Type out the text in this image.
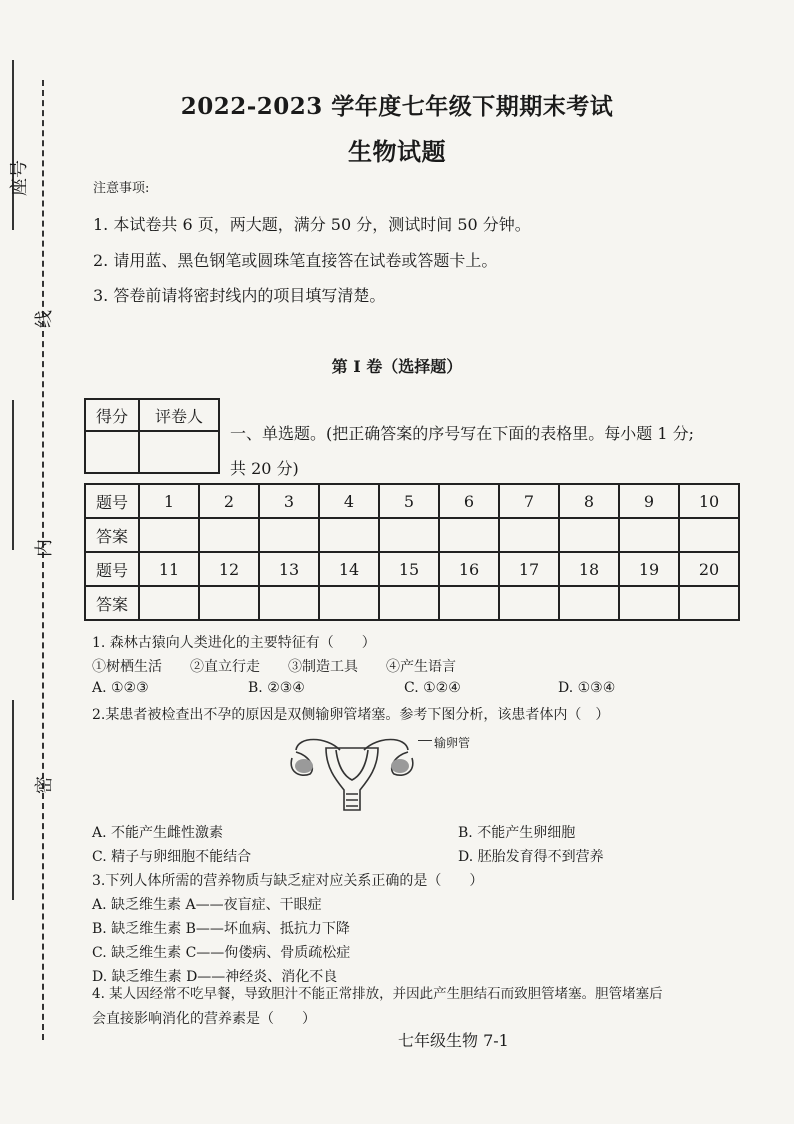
座号
线
内
密
2022-2023 学年度七年级下期期末考试
生物试题
注意事项:
1. 本试卷共 6 页，两大题，满分 50 分，测试时间 50 分钟。
2. 请用蓝、黑色钢笔或圆珠笔直接答在试卷或答题卡上。
3. 答卷前请将密封线内的项目填写清楚。
第 Ⅰ 卷（选择题）
得分	评卷人

一、单选题。(把正确答案的序号写在下面的表格里。每小题 1 分;
共 20 分)
题号	1	2	3	4	5	6	7	8	9	10
答案										
题号	11	12	13	14	15	16	17	18	19	20
答案										
1. 森林古猿向人类进化的主要特征有（　　）
①树栖生活　　②直立行走　　③制造工具　　④产生语言
A. ①②③	B. ②③④	C. ①②④	D. ①③④
2.某患者被检查出不孕的原因是双侧输卵管堵塞。参考下图分析，该患者体内（　）
输卵管
A. 不能产生雌性激素	B. 不能产生卵细胞
C. 精子与卵细胞不能结合	D. 胚胎发育得不到营养
3.下列人体所需的营养物质与缺乏症对应关系正确的是（　　）
A. 缺乏维生素 A——夜盲症、干眼症
B. 缺乏维生素 B——坏血病、抵抗力下降
C. 缺乏维生素 C——佝偻病、骨质疏松症
D. 缺乏维生素 D——神经炎、消化不良
4. 某人因经常不吃早餐，导致胆汁不能正常排放，并因此产生胆结石而致胆管堵塞。胆管堵塞后
会直接影响消化的营养素是（　　）
七年级生物 7-1
